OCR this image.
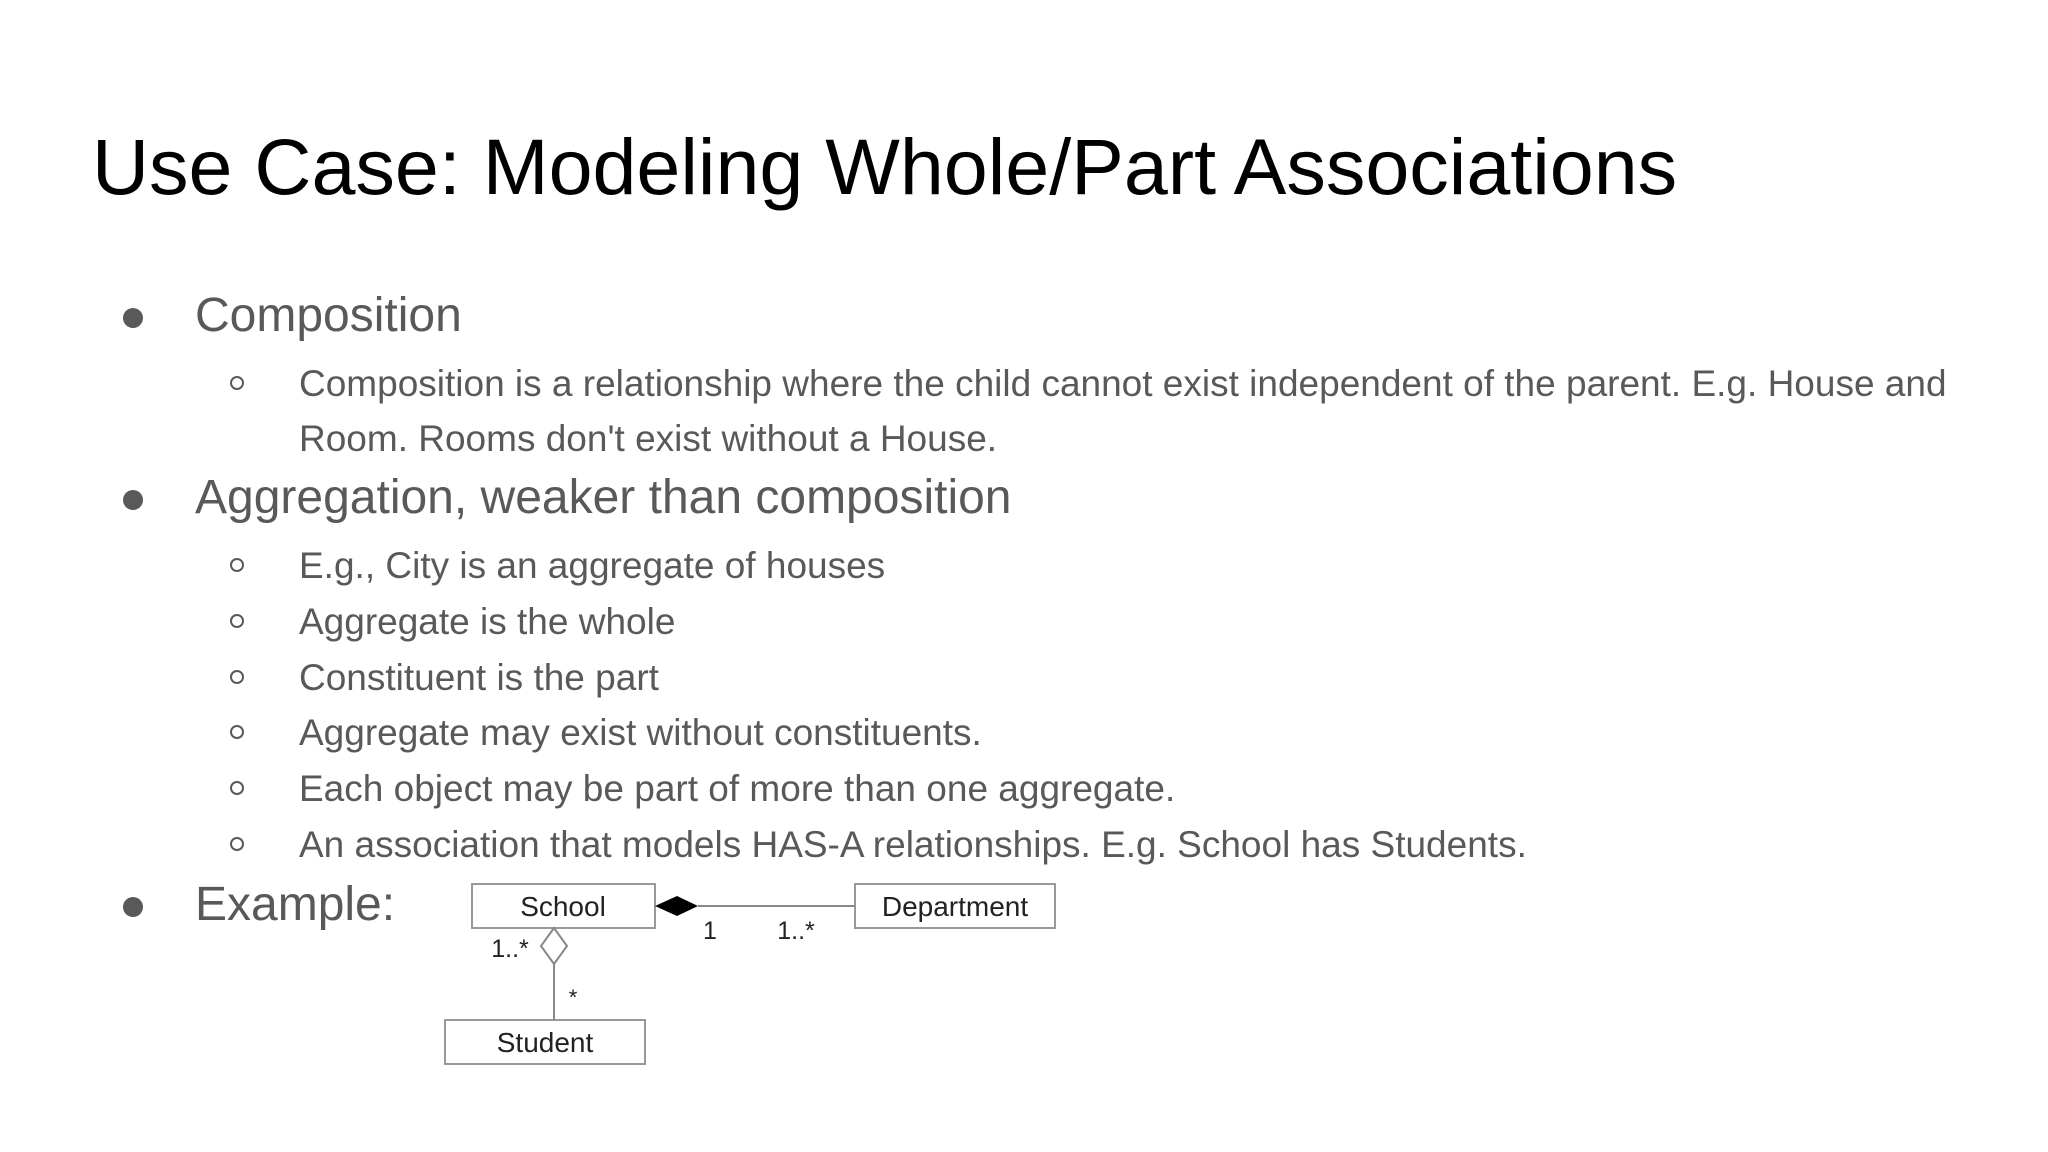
Use Case: Modeling Whole/Part Associations
Composition
Composition is a relationship where the child cannot exist independent of the parent. E.g. House and Room. Rooms don't exist without a House.
Aggregation, weaker than composition
E.g., City is an aggregate of houses
Aggregate is the whole
Constituent is the part
Aggregate may exist without constituents.
Each object may be part of more than one aggregate.
An association that models HAS-A relationships. E.g. School has Students.
Example:	School	Department
Student
1 1..*
1..*
*
